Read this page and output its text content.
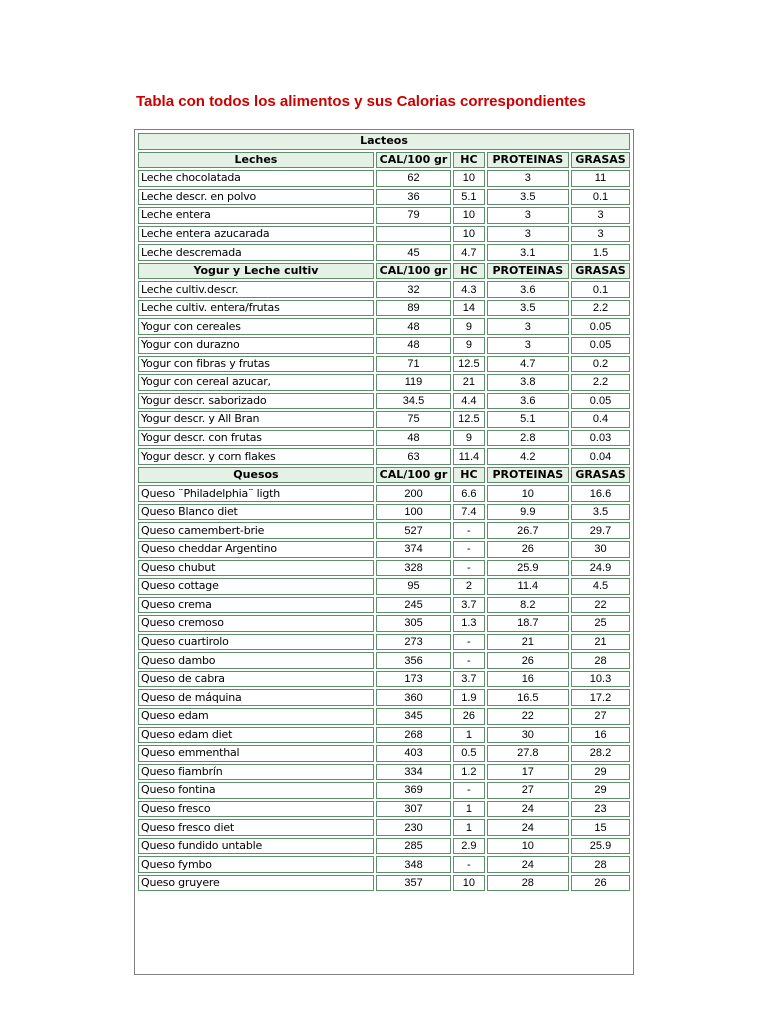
Tabla con todos los alimentos y sus Calorias correspondientes
Lacteos				
Leches	CAL/100 gr	HC	PROTEINAS	GRASAS
Leche chocolatada	62	10	3	11
Leche descr. en polvo	36	5.1	3.5	0.1
Leche entera	79	10	3	3
Leche entera azucarada		10	3	3
Leche descremada	45	4.7	3.1	1.5
Yogur y Leche cultiv	CAL/100 gr	HC	PROTEINAS	GRASAS
Leche cultiv.descr.	32	4.3	3.6	0.1
Leche cultiv. entera/frutas	89	14	3.5	2.2
Yogur con cereales	48	9	3	0.05
Yogur con durazno	48	9	3	0.05
Yogur con fibras y frutas	71	12.5	4.7	0.2
Yogur con cereal azucar,	119	21	3.8	2.2
Yogur descr. saborizado	34.5	4.4	3.6	0.05
Yogur descr. y All Bran	75	12.5	5.1	0.4
Yogur descr. con frutas	48	9	2.8	0.03
Yogur descr. y corn flakes	63	11.4	4.2	0.04
Quesos	CAL/100 gr	HC	PROTEINAS	GRASAS
Queso ¨Philadelphia¨ ligth	200	6.6	10	16.6
Queso Blanco diet	100	7.4	9.9	3.5
Queso camembert-brie	527	-	26.7	29.7
Queso cheddar Argentino	374	-	26	30
Queso chubut	328	-	25.9	24.9
Queso cottage	95	2	11.4	4.5
Queso crema	245	3.7	8.2	22
Queso cremoso	305	1.3	18.7	25
Queso cuartirolo	273	-	21	21
Queso dambo	356	-	26	28
Queso de cabra	173	3.7	16	10.3
Queso de máquina	360	1.9	16.5	17.2
Queso edam	345	26	22	27
Queso edam diet	268	1	30	16
Queso emmenthal	403	0.5	27.8	28.2
Queso fiambrín	334	1.2	17	29
Queso fontina	369	-	27	29
Queso fresco	307	1	24	23
Queso fresco diet	230	1	24	15
Queso fundido untable	285	2.9	10	25.9
Queso fymbo	348	-	24	28
Queso gruyere	357	10	28	26
